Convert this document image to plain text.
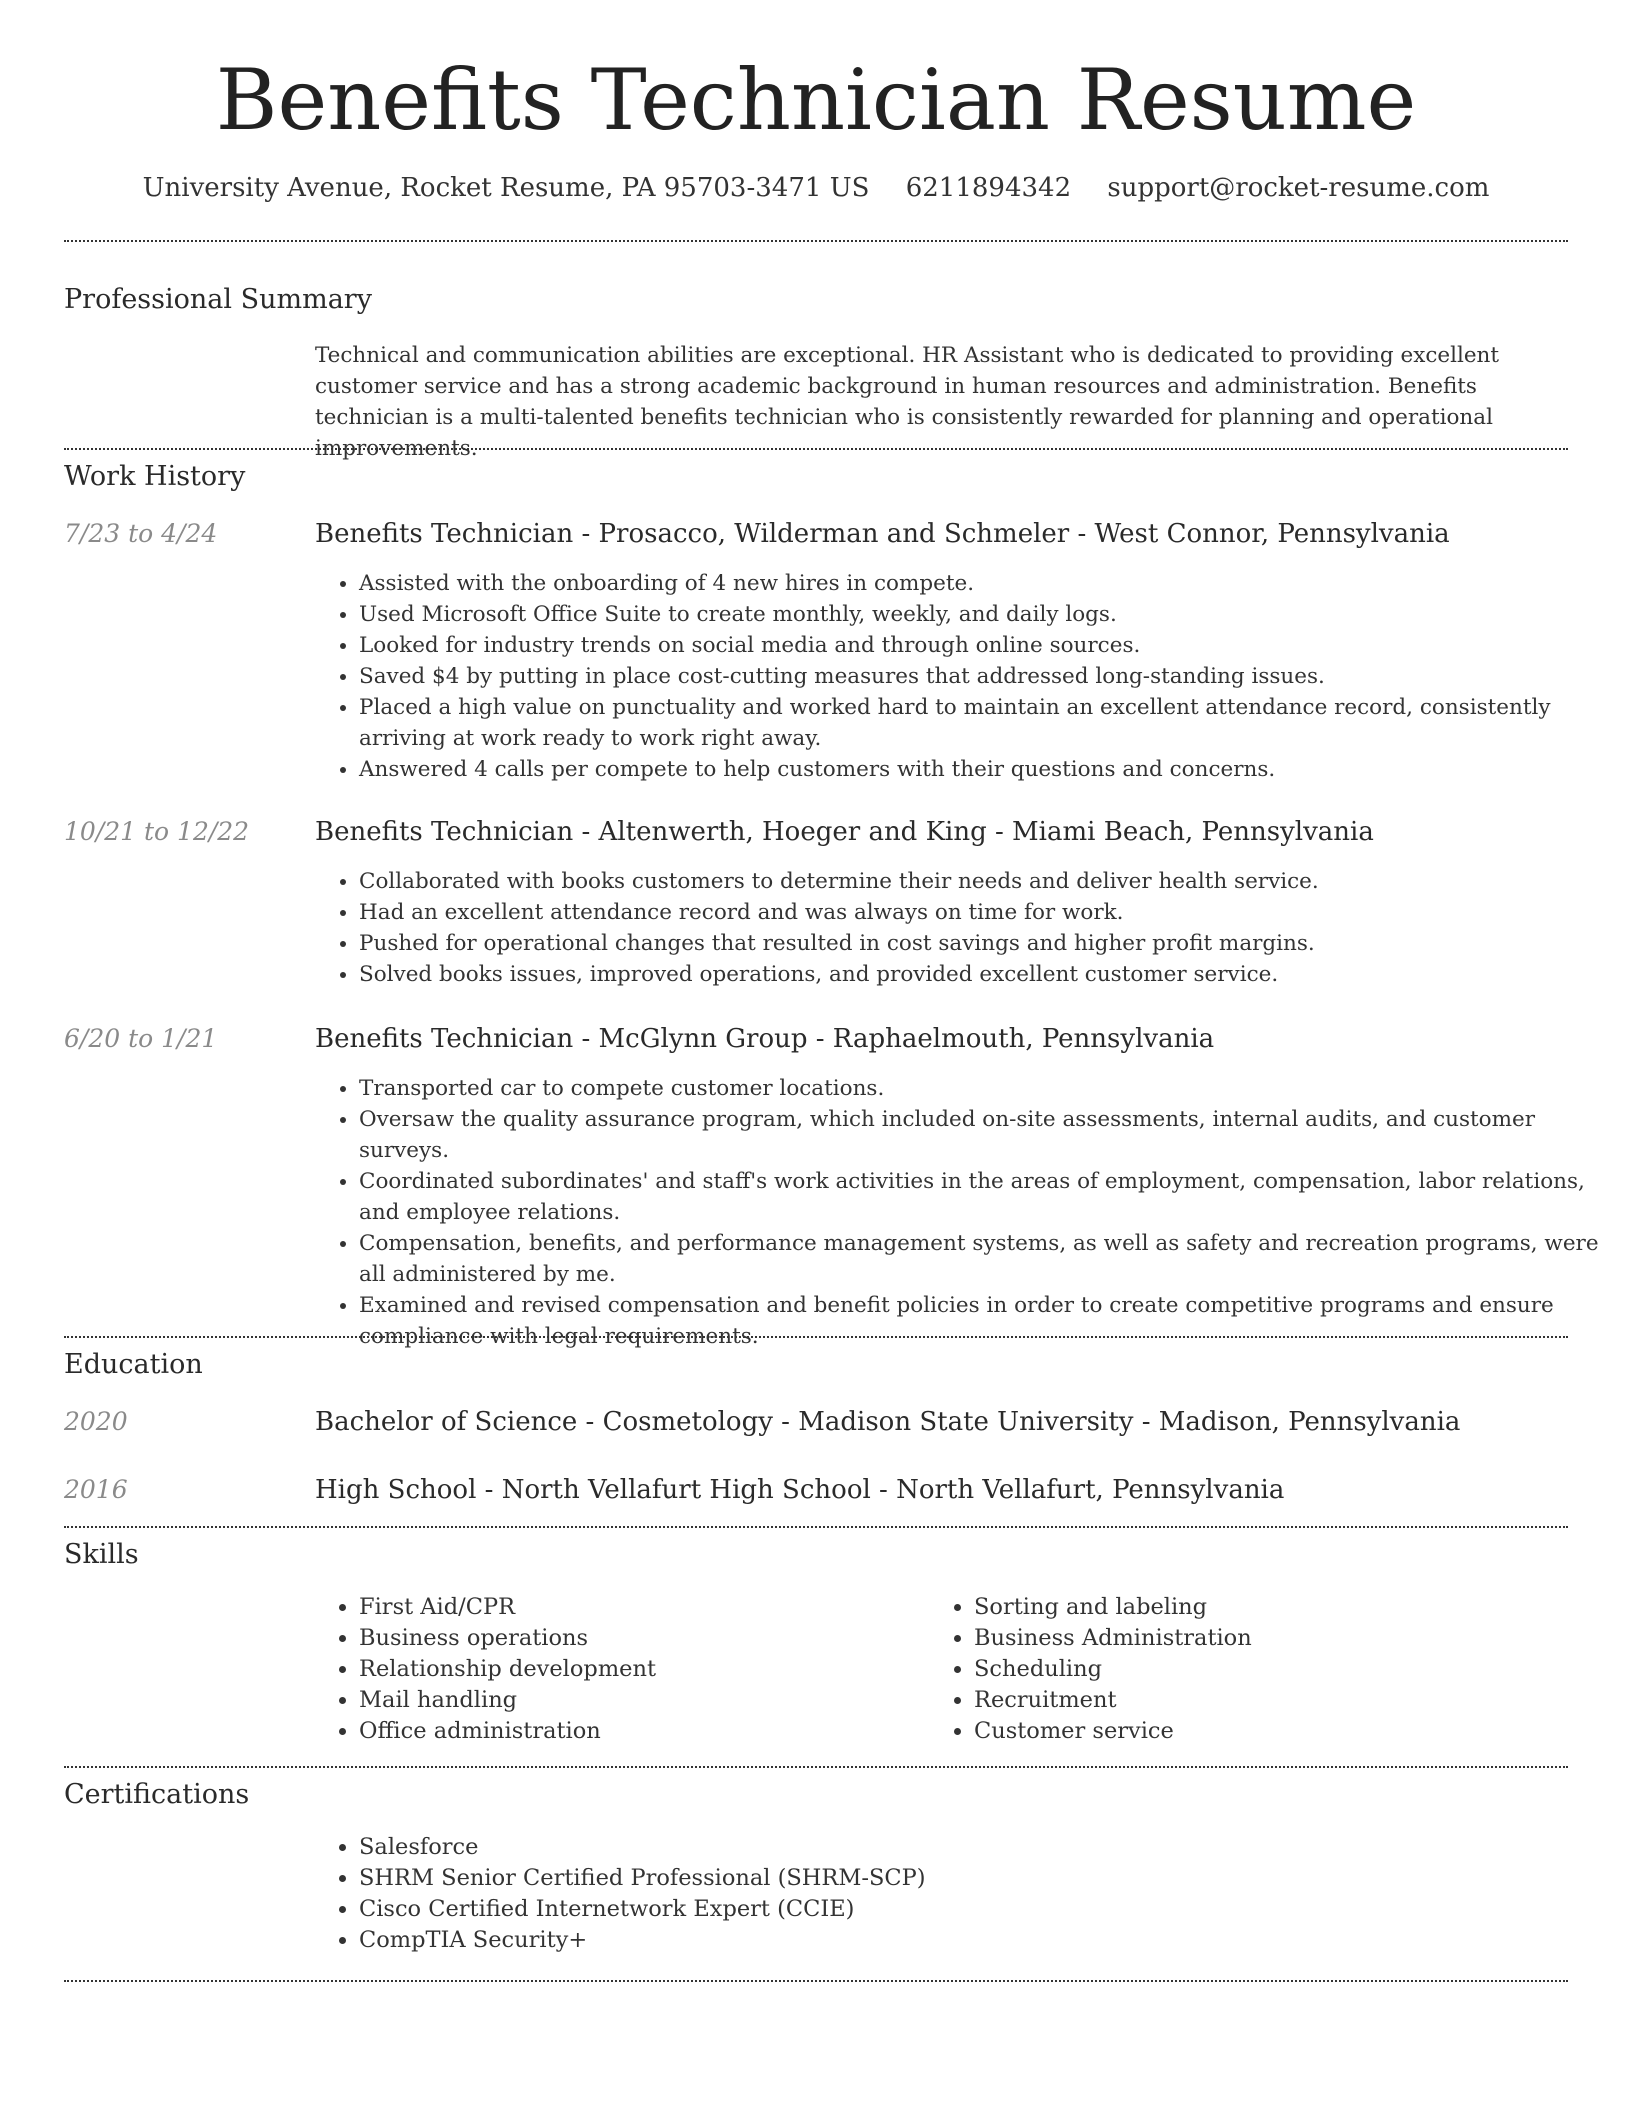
Benefits Technician Resume
University Avenue, Rocket Resume, PA 95703-3471 US 6211894342 support@rocket-resume.com
Professional Summary

Technical and communication abilities are exceptional. HR Assistant who is dedicated to providing excellent customer service and has a strong academic background in human resources and administration. Benefits technician is a multi-talented benefits technician who is consistently rewarded for planning and operational improvements.

Work History
7/23 to 4/24	Benefits Technician - Prosacco, Wilderman and Schmeler - West Connor, Pennsylvania
• Assisted with the onboarding of 4 new hires in compete.
• Used Microsoft Office Suite to create monthly, weekly, and daily logs.
• Looked for industry trends on social media and through online sources.
• Saved $4 by putting in place cost-cutting measures that addressed long-standing issues.
• Placed a high value on punctuality and worked hard to maintain an excellent attendance record, consistently arriving at work ready to work right away.
• Answered 4 calls per compete to help customers with their questions and concerns.
10/21 to 12/22	Benefits Technician - Altenwerth, Hoeger and King - Miami Beach, Pennsylvania
• Collaborated with books customers to determine their needs and deliver health service.
• Had an excellent attendance record and was always on time for work.
• Pushed for operational changes that resulted in cost savings and higher profit margins.
• Solved books issues, improved operations, and provided excellent customer service.
6/20 to 1/21	Benefits Technician - McGlynn Group - Raphaelmouth, Pennsylvania
• Transported car to compete customer locations.
• Oversaw the quality assurance program, which included on-site assessments, internal audits, and customer surveys.
• Coordinated subordinates' and staff's work activities in the areas of employment, compensation, labor relations, and employee relations.
• Compensation, benefits, and performance management systems, as well as safety and recreation programs, were all administered by me.
• Examined and revised compensation and benefit policies in order to create competitive programs and ensure compliance with legal requirements.
Education
2020	Bachelor of Science - Cosmetology - Madison State University - Madison, Pennsylvania
2016	High School - North Vellafurt High School - North Vellafurt, Pennsylvania
Skills
• First Aid/CPR
• Business operations
• Relationship development
• Mail handling
• Office administration
• Sorting and labeling
• Business Administration
• Scheduling
• Recruitment
• Customer service
Certifications
• Salesforce
• SHRM Senior Certified Professional (SHRM-SCP)
• Cisco Certified Internetwork Expert (CCIE)
• CompTIA Security+
